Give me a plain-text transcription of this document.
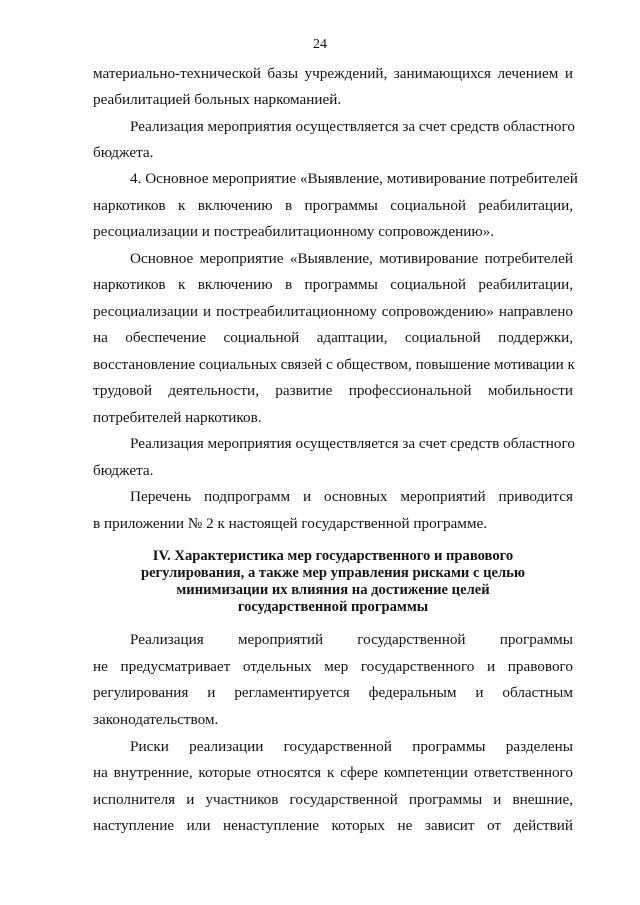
24
материально-технической базы учреждений, занимающихся лечением и
реабилитацией больных наркоманией.
Реализация мероприятия осуществляется за счет средств областного
бюджета.
4. Основное мероприятие «Выявление, мотивирование потребителей
наркотиков к включению в программы социальной реабилитации,
ресоциализации и постреабилитационному сопровождению».
Основное мероприятие «Выявление, мотивирование потребителей
наркотиков к включению в программы социальной реабилитации,
ресоциализации и постреабилитационному сопровождению» направлено
на обеспечение социальной адаптации, социальной поддержки,
восстановление социальных связей с обществом, повышение мотивации к
трудовой деятельности, развитие профессиональной мобильности
потребителей наркотиков.
Реализация мероприятия осуществляется за счет средств областного
бюджета.
Перечень подпрограмм и основных мероприятий приводится
в приложении № 2 к настоящей государственной программе.
IV. Характеристика мер государственного и правового
регулирования, а также мер управления рисками с целью
минимизации их влияния на достижение целей
государственной программы
Реализация мероприятий государственной программы
не предусматривает отдельных мер государственного и правового
регулирования и регламентируется федеральным и областным
законодательством.
Риски реализации государственной программы разделены
на внутренние, которые относятся к сфере компетенции ответственного
исполнителя и участников государственной программы и внешние,
наступление или ненаступление которых не зависит от действий
